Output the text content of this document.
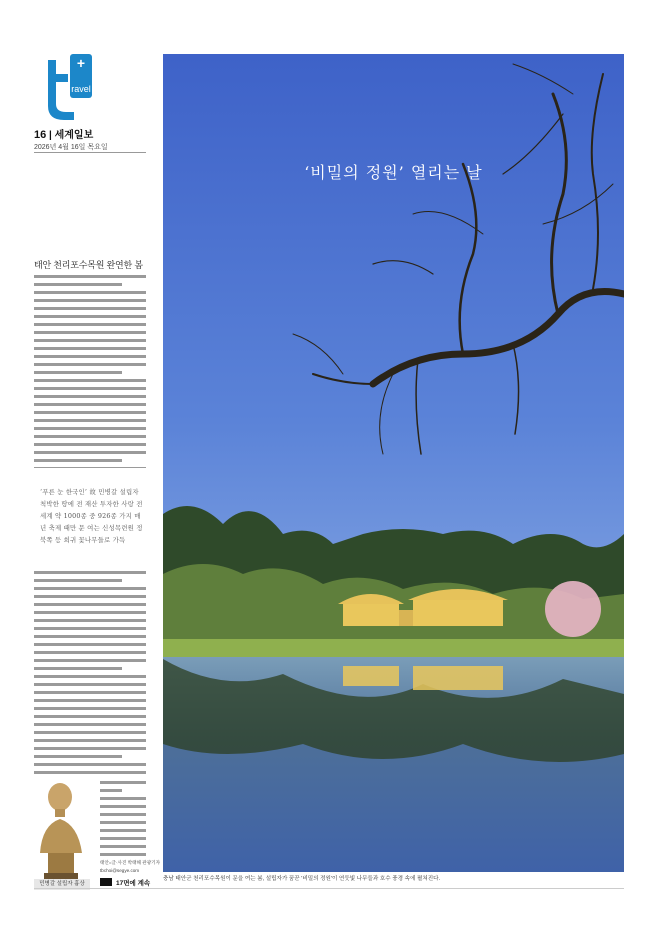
+
ravel
16 | 세계일보
2026년 4월 16일 목요일
태안 천리포수목원 완연한 봄
‘푸른 눈 한국인’ 故 민병갈 설립자 척박한 땅에 전 재산 투자한 사랑 전 세계 약 1000종 중 926종 가지 매년 축제 때만 문 여는 신성목련원 정북쪽 등 희귀 꽃나무들로 가득
민병갈 설립자 흉상
태안=글·사진 박태해 관광기자
tbchoi@segye.com
17면에 계속
‘비밀의 정원’ 열리는 날
충남 태안군 천리포수목원이 문을 여는 봄, 설립자가 꿈꾼 '비밀의 정원'이 연둣빛 나무들과 호수 풍경 속에 펼쳐진다.
